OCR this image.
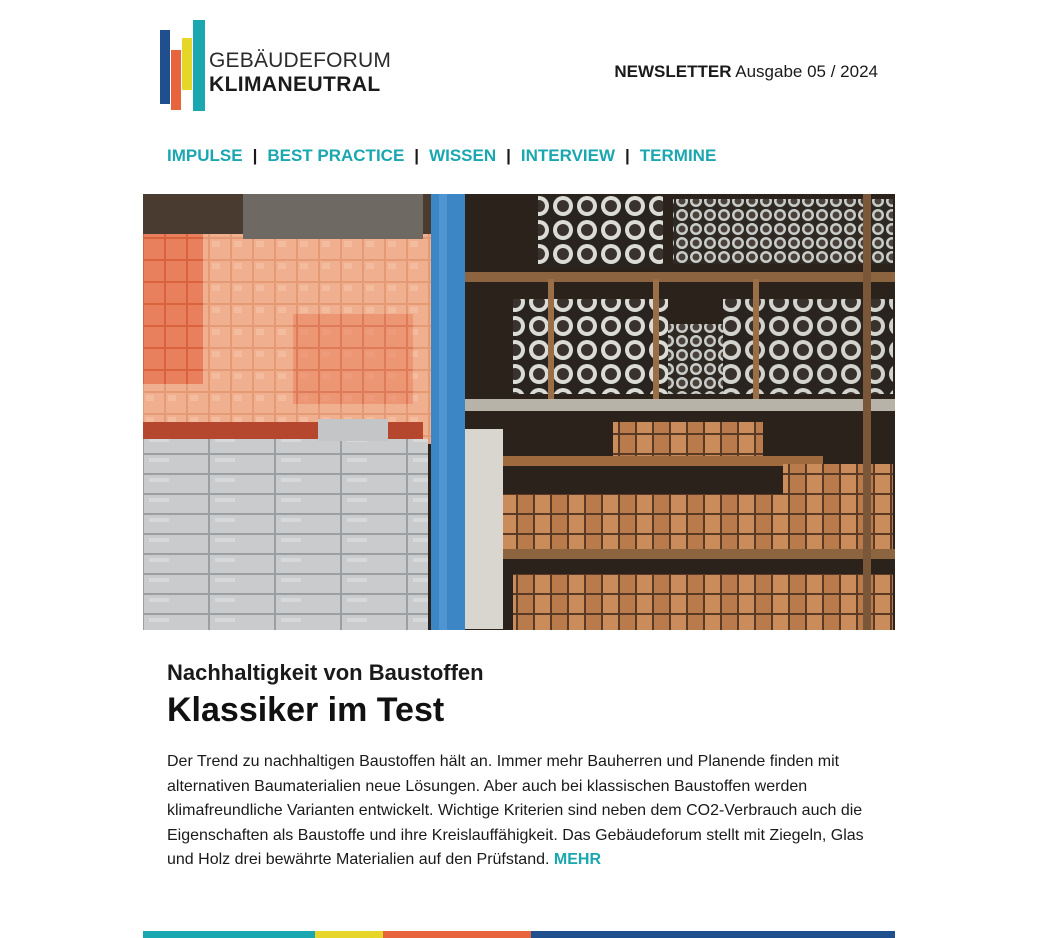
GEBÄUDEFORUM
KLIMANEUTRAL
NEWSLETTER Ausgabe 05 / 2024
IMPULSE | BEST PRACTICE | WISSEN | INTERVIEW | TERMINE
Nachhaltigkeit von Baustoffen
Klassiker im Test

Der Trend zu nachhaltigen Baustoffen hält an. Immer mehr Bauherren und Planende finden mit alternativen Baumaterialien neue Lösungen. Aber auch bei klassischen Baustoffen werden klimafreundliche Varianten entwickelt. Wichtige Kriterien sind neben dem CO2-Verbrauch auch die Eigenschaften als Baustoffe und ihre Kreislauffähigkeit. Das Gebäudeforum stellt mit Ziegeln, Glas und Holz drei bewährte Materialien auf den Prüfstand. MEHR
